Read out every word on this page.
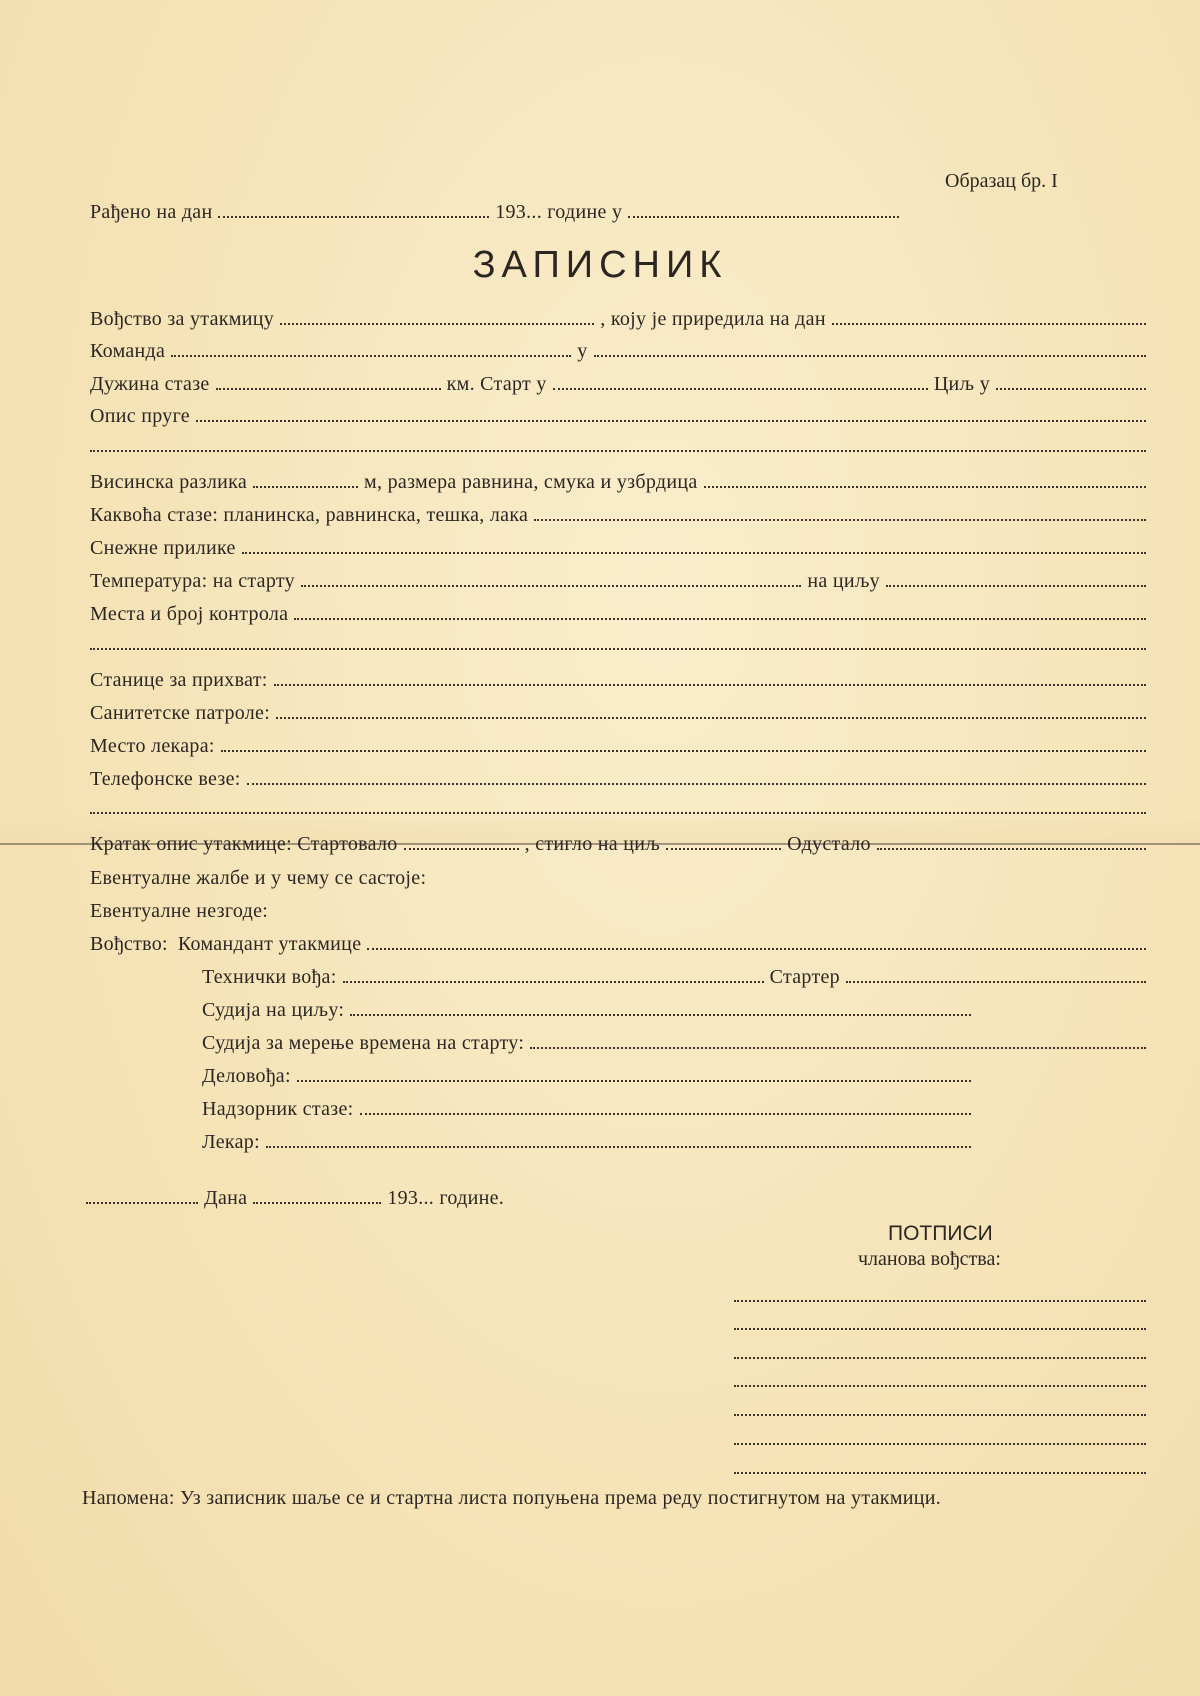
Образац бр. I
Рађено на дан	193... године у
ЗАПИСНИК
Вођство за утакмицу	, коју је приредила на дан
Команда	у
Дужина стазе	км. Старт у	Циљ у
Опис пруге
Висинска разлика	м, размера равнина, смука и узбрдица
Каквоћа стазе: планинска, равнинска, тешка, лака
Снежне прилике
Температура: на старту	на циљу
Места и број контрола
Станице за прихват:
Санитетске патроле:
Место лекара:
Телефонске везе:
Кратак опис утакмице: Стартовало	, стигло на циљ	Одустало
Евентуалне жалбе и у чему се састоје:
Евентуалне незгоде:
Вођство: Командант утакмице
Технички вођа:	Стартер
Судија на циљу:
Судија за мерење времена на старту:
Деловођа:
Надзорник стазе:
Лекар:
Дана	193... године.
ПОТПИСИ
чланова вођства:
Напомена: Уз записник шаље се и стартна листа попуњена према реду постигнутом на утакмици.
